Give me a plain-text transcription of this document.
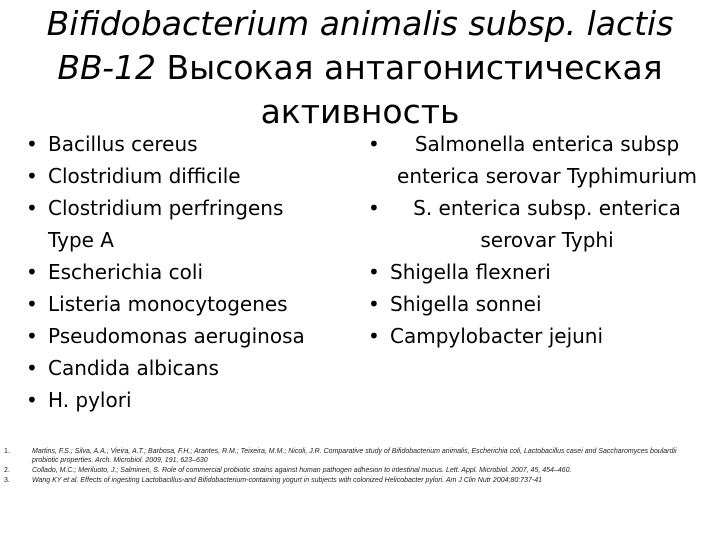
Bifidobacterium animalis subsp. lactis BB-12 Высокая антагонистическая активность
• Bacillus cereus
• Clostridium difficile
• Clostridium perfringens Type A
• Escherichia coli
• Listeria monocytogenes
• Pseudomonas aeruginosa
• Candida albicans
• H. pylori
•	Salmonella enterica subsp enterica serovar Typhimurium
•	S. enterica subsp. enterica serovar Typhi
• Shigella flexneri
• Shigella sonnei
• Campylobacter jejuni
1.	Martins, F.S.; Silva, A.A.; Vieira, A.T.; Barbosa, F.H.; Arantes, R.M.; Teixeira, M.M.; Nicoli, J.R. Comparative study of Bifidobacterium animalis, Escherichia coli, Lactobacillus casei and Saccharomyces boulardii probiotic properties. Arch. Microbiol. 2009, 191, 623–630
2.	Collado, M.C.; Meriluoto, J.; Salminen, S. Role of commercial probiotic strains against human pathogen adhesion to intestinal mucus. Lett. Appl. Microbiol. 2007, 45, 454–460.
3.	Wang KY et al. Effects of ingesting Lactobacillus-and Bifidobacterium-containing yogurt in subjects with colonized Helicobacter pylori. Am J Clin Nutr 2004;80:737-41
